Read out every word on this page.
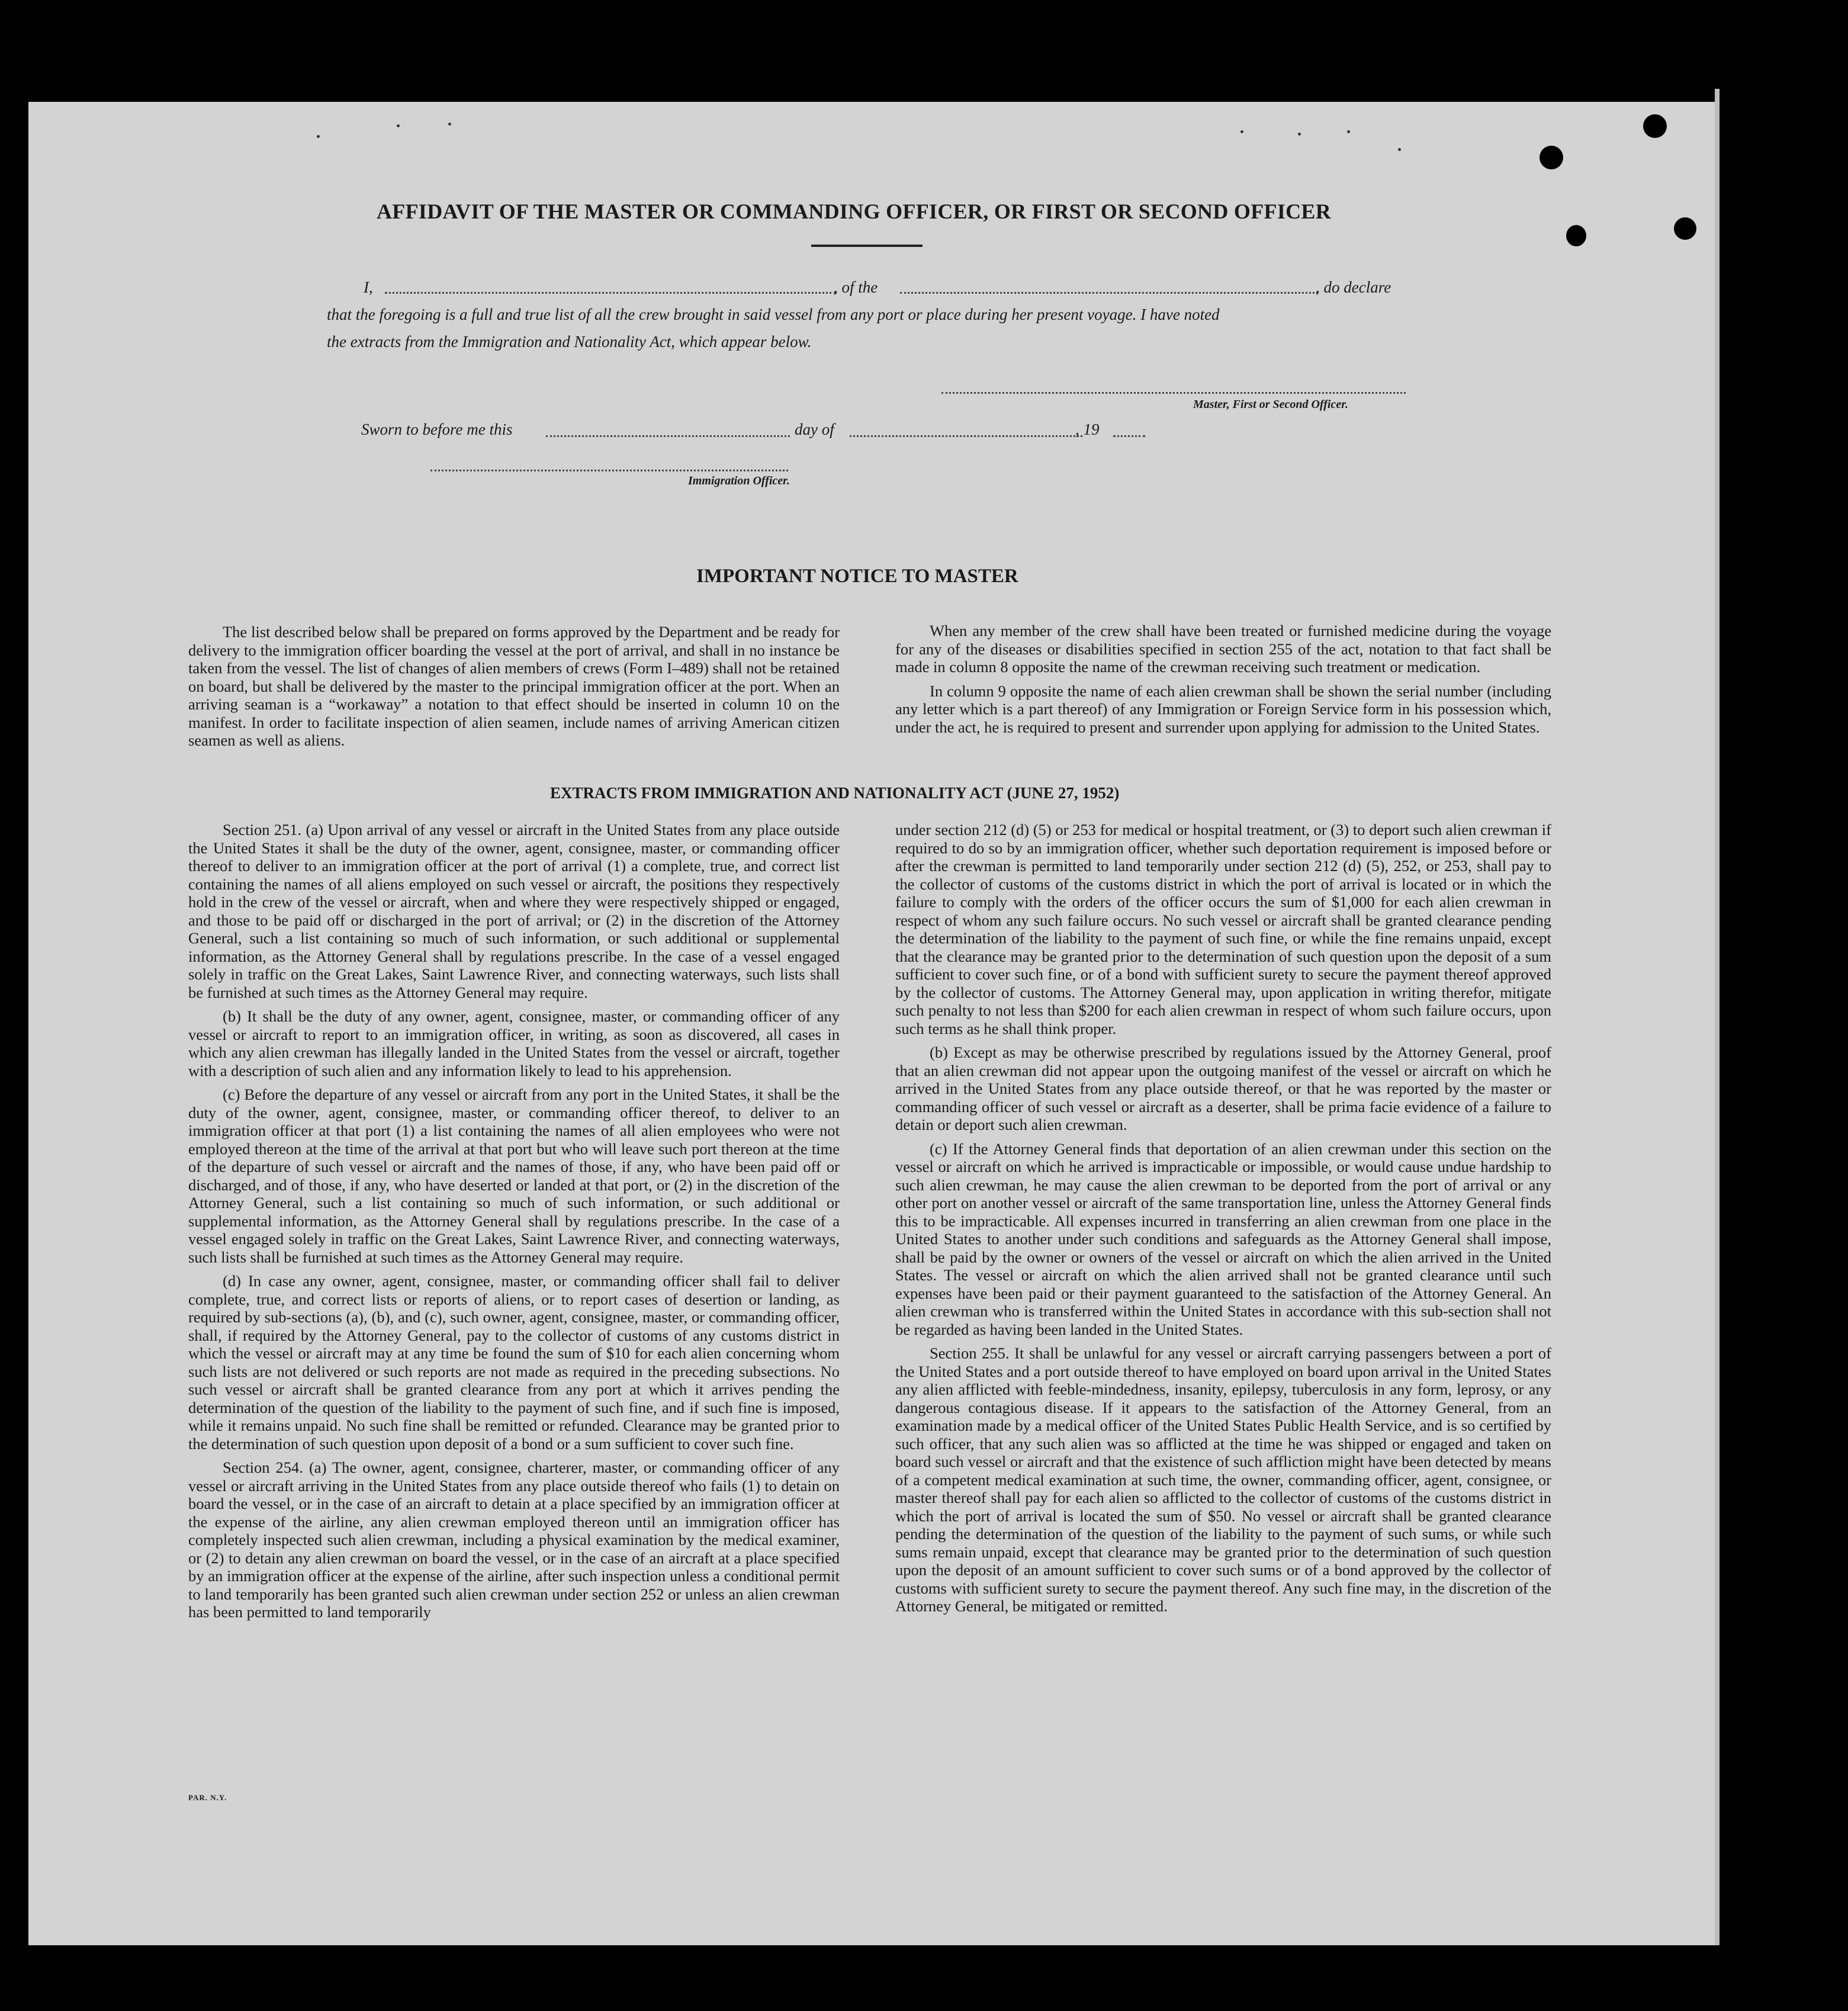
AFFIDAVIT OF THE MASTER OR COMMANDING OFFICER, OR FIRST OR SECOND OFFICER
I,	, of the	, do declare
that the foregoing is a full and true list of all the crew brought in said vessel from any port or place during her present voyage. I have noted
the extracts from the Immigration and Nationality Act, which appear below.
Master, First or Second Officer.
Sworn to before me this	day of	, 19
Immigration Officer.
IMPORTANT NOTICE TO MASTER

The list described below shall be prepared on forms approved by the Department and be ready for delivery to the immigration officer boarding the vessel at the port of arrival, and shall in no instance be taken from the vessel. The list of changes of alien members of crews (Form I–489) shall not be retained on board, but shall be delivered by the master to the principal immigration officer at the port. When an arriving seaman is a “workaway” a notation to that effect should be inserted in column 10 on the manifest. In order to facilitate inspection of alien seamen, include names of arriving American citizen seamen as well as aliens.

When any member of the crew shall have been treated or furnished medicine during the voyage for any of the diseases or disabilities specified in section 255 of the act, notation to that fact shall be made in column 8 opposite the name of the crewman receiving such treatment or medication.

In column 9 opposite the name of each alien crewman shall be shown the serial number (including any letter which is a part thereof) of any Immigration or Foreign Service form in his possession which, under the act, he is required to present and surrender upon applying for admission to the United States.

EXTRACTS FROM IMMIGRATION AND NATIONALITY ACT (JUNE 27, 1952)

Section 251. (a) Upon arrival of any vessel or aircraft in the United States from any place outside the United States it shall be the duty of the owner, agent, consignee, master, or commanding officer thereof to deliver to an immigration officer at the port of arrival (1) a complete, true, and correct list containing the names of all aliens employed on such vessel or aircraft, the positions they respectively hold in the crew of the vessel or aircraft, when and where they were respectively shipped or engaged, and those to be paid off or discharged in the port of arrival; or (2) in the discretion of the Attorney General, such a list containing so much of such information, or such additional or supplemental information, as the Attorney General shall by regulations prescribe. In the case of a vessel engaged solely in traffic on the Great Lakes, Saint Lawrence River, and connecting waterways, such lists shall be furnished at such times as the Attorney General may require.

(b) It shall be the duty of any owner, agent, consignee, master, or commanding officer of any vessel or aircraft to report to an immigration officer, in writing, as soon as discovered, all cases in which any alien crewman has illegally landed in the United States from the vessel or aircraft, together with a description of such alien and any information likely to lead to his apprehension.

(c) Before the departure of any vessel or aircraft from any port in the United States, it shall be the duty of the owner, agent, consignee, master, or commanding officer thereof, to deliver to an immigration officer at that port (1) a list containing the names of all alien employees who were not employed thereon at the time of the arrival at that port but who will leave such port thereon at the time of the departure of such vessel or aircraft and the names of those, if any, who have been paid off or discharged, and of those, if any, who have deserted or landed at that port, or (2) in the discretion of the Attorney General, such a list containing so much of such information, or such additional or supplemental information, as the Attorney General shall by regulations prescribe. In the case of a vessel engaged solely in traffic on the Great Lakes, Saint Lawrence River, and connecting waterways, such lists shall be furnished at such times as the Attorney General may require.

(d) In case any owner, agent, consignee, master, or commanding officer shall fail to deliver complete, true, and correct lists or reports of aliens, or to report cases of desertion or landing, as required by sub-sections (a), (b), and (c), such owner, agent, consignee, master, or commanding officer, shall, if required by the Attorney General, pay to the collector of customs of any customs district in which the vessel or aircraft may at any time be found the sum of $10 for each alien concerning whom such lists are not delivered or such reports are not made as required in the preceding subsections. No such vessel or aircraft shall be granted clearance from any port at which it arrives pending the determination of the question of the liability to the payment of such fine, and if such fine is imposed, while it remains unpaid. No such fine shall be remitted or refunded. Clearance may be granted prior to the determination of such question upon deposit of a bond or a sum sufficient to cover such fine.

Section 254. (a) The owner, agent, consignee, charterer, master, or commanding officer of any vessel or aircraft arriving in the United States from any place outside thereof who fails (1) to detain on board the vessel, or in the case of an aircraft to detain at a place specified by an immigration officer at the expense of the airline, any alien crewman employed thereon until an immigration officer has completely inspected such alien crewman, including a physical examination by the medical examiner, or (2) to detain any alien crewman on board the vessel, or in the case of an aircraft at a place specified by an immigration officer at the expense of the airline, after such inspection unless a conditional permit to land temporarily has been granted such alien crewman under section 252 or unless an alien crewman has been permitted to land temporarily

under section 212 (d) (5) or 253 for medical or hospital treatment, or (3) to deport such alien crewman if required to do so by an immigration officer, whether such deportation requirement is imposed before or after the crewman is permitted to land temporarily under section 212 (d) (5), 252, or 253, shall pay to the collector of customs of the customs district in which the port of arrival is located or in which the failure to comply with the orders of the officer occurs the sum of $1,000 for each alien crewman in respect of whom any such failure occurs. No such vessel or aircraft shall be granted clearance pending the determination of the liability to the payment of such fine, or while the fine remains unpaid, except that the clearance may be granted prior to the determination of such question upon the deposit of a sum sufficient to cover such fine, or of a bond with sufficient surety to secure the payment thereof approved by the collector of customs. The Attorney General may, upon application in writing therefor, mitigate such penalty to not less than $200 for each alien crewman in respect of whom such failure occurs, upon such terms as he shall think proper.

(b) Except as may be otherwise prescribed by regulations issued by the Attorney General, proof that an alien crewman did not appear upon the outgoing manifest of the vessel or aircraft on which he arrived in the United States from any place outside thereof, or that he was reported by the master or commanding officer of such vessel or aircraft as a deserter, shall be prima facie evidence of a failure to detain or deport such alien crewman.

(c) If the Attorney General finds that deportation of an alien crewman under this section on the vessel or aircraft on which he arrived is impracticable or impossible, or would cause undue hardship to such alien crewman, he may cause the alien crewman to be deported from the port of arrival or any other port on another vessel or aircraft of the same transportation line, unless the Attorney General finds this to be impracticable. All expenses incurred in transferring an alien crewman from one place in the United States to another under such conditions and safeguards as the Attorney General shall impose, shall be paid by the owner or owners of the vessel or aircraft on which the alien arrived in the United States. The vessel or aircraft on which the alien arrived shall not be granted clearance until such expenses have been paid or their payment guaranteed to the satisfaction of the Attorney General. An alien crewman who is transferred within the United States in accordance with this sub-section shall not be regarded as having been landed in the United States.

Section 255. It shall be unlawful for any vessel or aircraft carrying passengers between a port of the United States and a port outside thereof to have employed on board upon arrival in the United States any alien afflicted with feeble-mindedness, insanity, epilepsy, tuberculosis in any form, leprosy, or any dangerous contagious disease. If it appears to the satisfaction of the Attorney General, from an examination made by a medical officer of the United States Public Health Service, and is so certified by such officer, that any such alien was so afflicted at the time he was shipped or engaged and taken on board such vessel or aircraft and that the existence of such affliction might have been detected by means of a competent medical examination at such time, the owner, commanding officer, agent, consignee, or master thereof shall pay for each alien so afflicted to the collector of customs of the customs district in which the port of arrival is located the sum of $50. No vessel or aircraft shall be granted clearance pending the determination of the question of the liability to the payment of such sums, or while such sums remain unpaid, except that clearance may be granted prior to the determination of such question upon the deposit of an amount sufficient to cover such sums or of a bond approved by the collector of customs with sufficient surety to secure the payment thereof. Any such fine may, in the discretion of the Attorney General, be mitigated or remitted.

PAR. N.Y.
